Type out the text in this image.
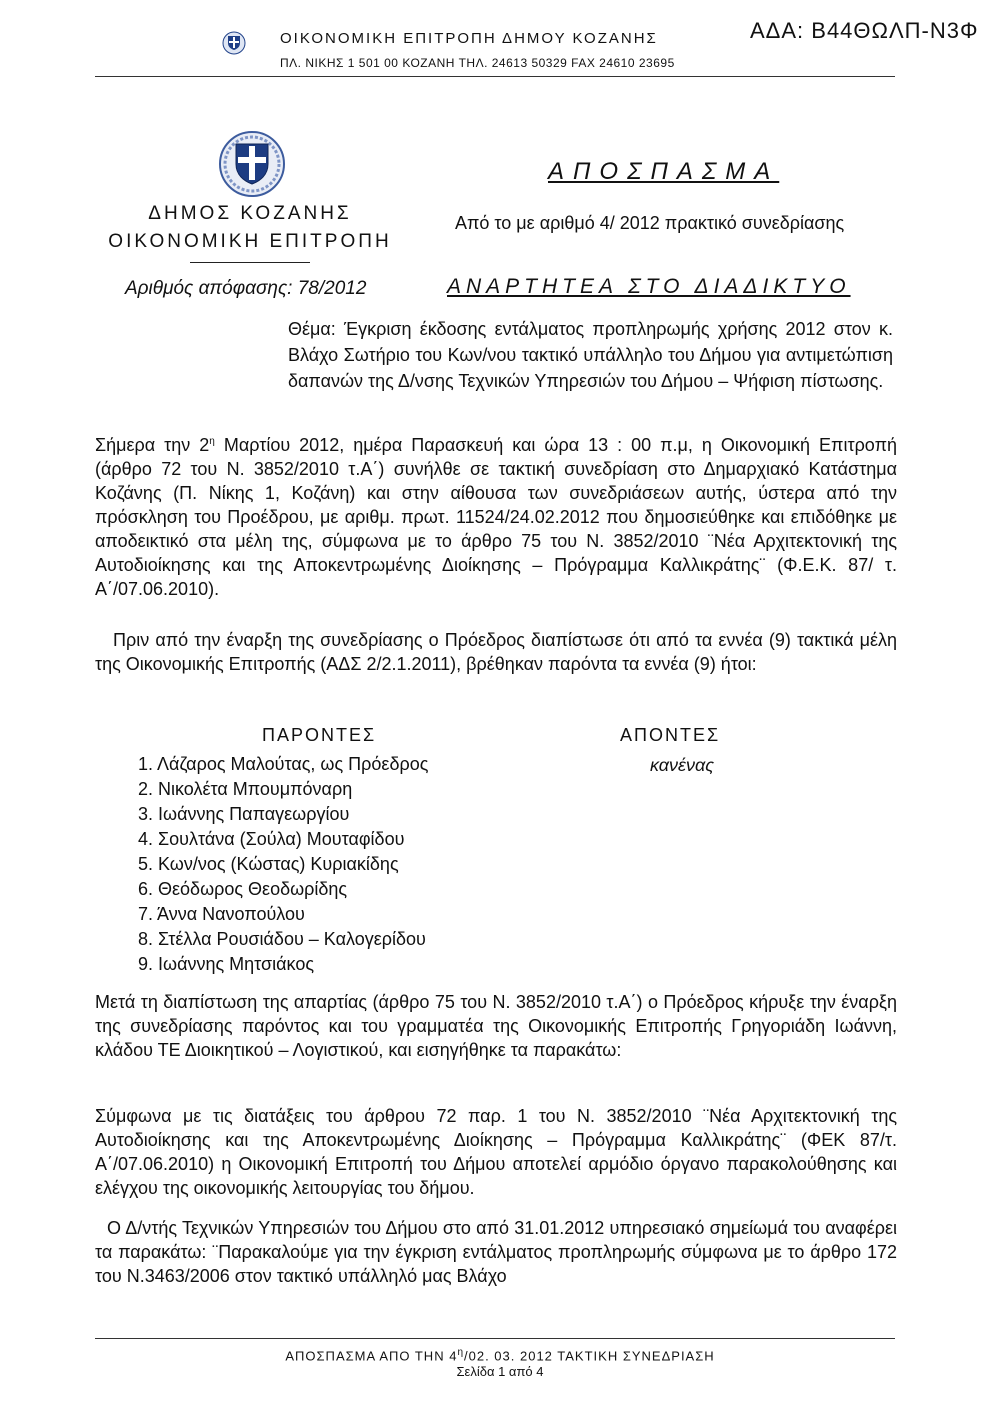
ΟΙΚΟΝΟΜΙΚΗ ΕΠΙΤΡΟΠΗ ΔΗΜΟΥ ΚΟΖΑΝΗΣ
ΠΛ. ΝΙΚΗΣ 1 501 00 ΚΟΖΑΝΗ ΤΗΛ. 24613 50329 FAX 24610 23695
ΑΔΑ: Β44ΘΩΛΠ-Ν3Φ
ΔΗΜΟΣ ΚΟΖΑΝΗΣ
ΟΙΚΟΝΟΜΙΚΗ ΕΠΙΤΡΟΠΗ
Αριθμός απόφασης: 78/2012
ΑΠΟΣΠΑΣΜΑ
Από το με αριθμό 4/ 2012 πρακτικό συνεδρίασης
ΑΝΑΡΤΗΤΕΑ ΣΤΟ ΔΙΑΔΙΚΤΥΟ
Θέμα: Έγκριση έκδοσης εντάλματος προπληρωμής χρήσης 2012 στον κ. Βλάχο Σωτήριο του Κων/νου τακτικό υπάλληλο του Δήμου για αντιμετώπιση δαπανών της Δ/νσης Τεχνικών Υπηρεσιών του Δήμου – Ψήφιση πίστωσης.
Σήμερα την $2^\eta$ Μαρτίου 2012, ημέρα Παρασκευή και ώρα 13 : 00 π.μ, η Οικονομική Επιτροπή (άρθρο 72 του Ν. 3852/2010 τ.Α΄) συνήλθε σε τακτική συνεδρίαση στο Δημαρχιακό Κατάστημα Κοζάνης (Π. Νίκης 1, Κοζάνη) και στην αίθουσα των συνεδριάσεων αυτής, ύστερα από την πρόσκληση του Προέδρου, με αριθμ. πρωτ. 11524/24.02.2012 που δημοσιεύθηκε και επιδόθηκε με αποδεικτικό στα μέλη της, σύμφωνα με το άρθρο 75 του Ν. 3852/2010 ¨Νέα Αρχιτεκτονική της Αυτοδιοίκησης και της Αποκεντρωμένης Διοίκησης – Πρόγραμμα Καλλικράτης¨ (Φ.Ε.Κ. 87/ τ. Α΄/07.06.2010).
Πριν από την έναρξη της συνεδρίασης ο Πρόεδρος διαπίστωσε ότι από τα εννέα (9) τακτικά μέλη της Οικονομικής Επιτροπής (ΑΔΣ 2/2.1.2011), βρέθηκαν παρόντα τα εννέα (9) ήτοι:
ΠΑΡΟΝΤΕΣ	ΑΠΟΝΤΕΣ
1. Λάζαρος Μαλούτας, ως Πρόεδρος
2. Νικολέτα Μπουμπόναρη
3. Ιωάννης Παπαγεωργίου
4. Σουλτάνα (Σούλα) Μουταφίδου
5. Κων/νος (Κώστας) Κυριακίδης
6. Θεόδωρος Θεοδωρίδης
7. Άννα Νανοπούλου
8. Στέλλα Ρουσιάδου – Καλογερίδου
9. Ιωάννης Μητσιάκος
κανένας
Μετά τη διαπίστωση της απαρτίας (άρθρο 75 του Ν. 3852/2010 τ.Α΄) ο Πρόεδρος κήρυξε την έναρξη της συνεδρίασης παρόντος και του γραμματέα της Οικονομικής Επιτροπής Γρηγοριάδη Ιωάννη, κλάδου ΤΕ Διοικητικού – Λογιστικού, και εισηγήθηκε τα παρακάτω:
Σύμφωνα με τις διατάξεις του άρθρου 72 παρ. 1 του Ν. 3852/2010 ¨Νέα Αρχιτεκτονική της Αυτοδιοίκησης και της Αποκεντρωμένης Διοίκησης – Πρόγραμμα Καλλικράτης¨ (ΦΕΚ 87/τ. Α΄/07.06.2010) η Οικονομική Επιτροπή του Δήμου αποτελεί αρμόδιο όργανο παρακολούθησης και ελέγχου της οικονομικής λειτουργίας του δήμου.
Ο Δ/ντής Τεχνικών Υπηρεσιών του Δήμου στο από 31.01.2012 υπηρεσιακό σημείωμά του αναφέρει τα παρακάτω: ¨Παρακαλούμε για την έγκριση εντάλματος προπληρωμής σύμφωνα με το άρθρο 172 του Ν.3463/2006 στον τακτικό υπάλληλό μας Βλάχο
ΑΠΟΣΠΑΣΜΑ ΑΠΟ ΤΗΝ $4^\eta/02$. 03. 2012 ΤΑΚΤΙΚΗ ΣΥΝΕΔΡΙΑΣΗ
Σελίδα 1 από 4
